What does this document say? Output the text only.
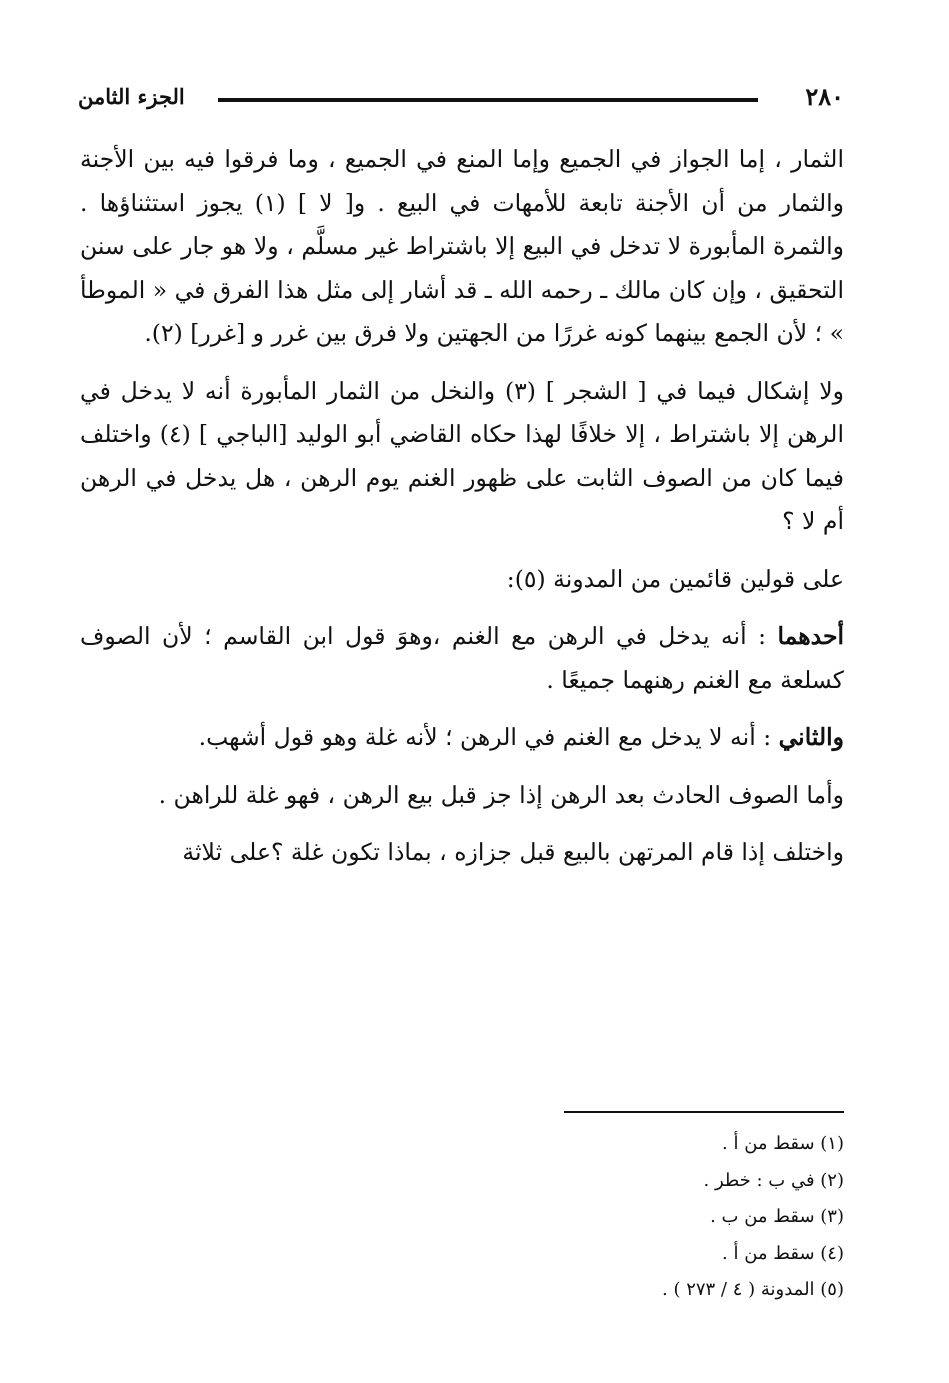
٢٨٠
الجزء الثامن

الثمار ، إما الجواز في الجميع وإما المنع في الجميع ، وما فرقوا فيه بين الأجنة والثمار من أن الأجنة تابعة للأمهات في البيع . و[ لا ] (١) يجوز استثناؤها . والثمرة المأبورة لا تدخل في البيع إلا باشتراط غير مسلَّم ، ولا هو جار على سنن التحقيق ، وإن كان مالك ـ رحمه الله ـ قد أشار إلى مثل هذا الفرق في « الموطأ » ؛ لأن الجمع بينهما كونه غررًا من الجهتين ولا فرق بين غرر و [غرر] (٢).

ولا إشكال فيما في [ الشجر ] (٣) والنخل من الثمار المأبورة أنه لا يدخل في الرهن إلا باشتراط ، إلا خلافًا لهذا حكاه القاضي أبو الوليد [الباجي ] (٤) واختلف فيما كان من الصوف الثابت على ظهور الغنم يوم الرهن ، هل يدخل في الرهن أم لا ؟

على قولين قائمين من المدونة (٥):

أحدهما : أنه يدخل في الرهن مع الغنم ،وهوَ قول ابن القاسم ؛ لأن الصوف كسلعة مع الغنم رهنهما جميعًا .

والثاني : أنه لا يدخل مع الغنم في الرهن ؛ لأنه غلة وهو قول أشهب.

وأما الصوف الحادث بعد الرهن إذا جز قبل بيع الرهن ، فهو غلة للراهن .

واختلف إذا قام المرتهن بالبيع قبل جزازه ، بماذا تكون غلة ؟على ثلاثة

(١) سقط من أ .
(٢) في ب : خطر .
(٣) سقط من ب .
(٤) سقط من أ .
(٥) المدونة ( ٤ / ٢٧٣ ) .
